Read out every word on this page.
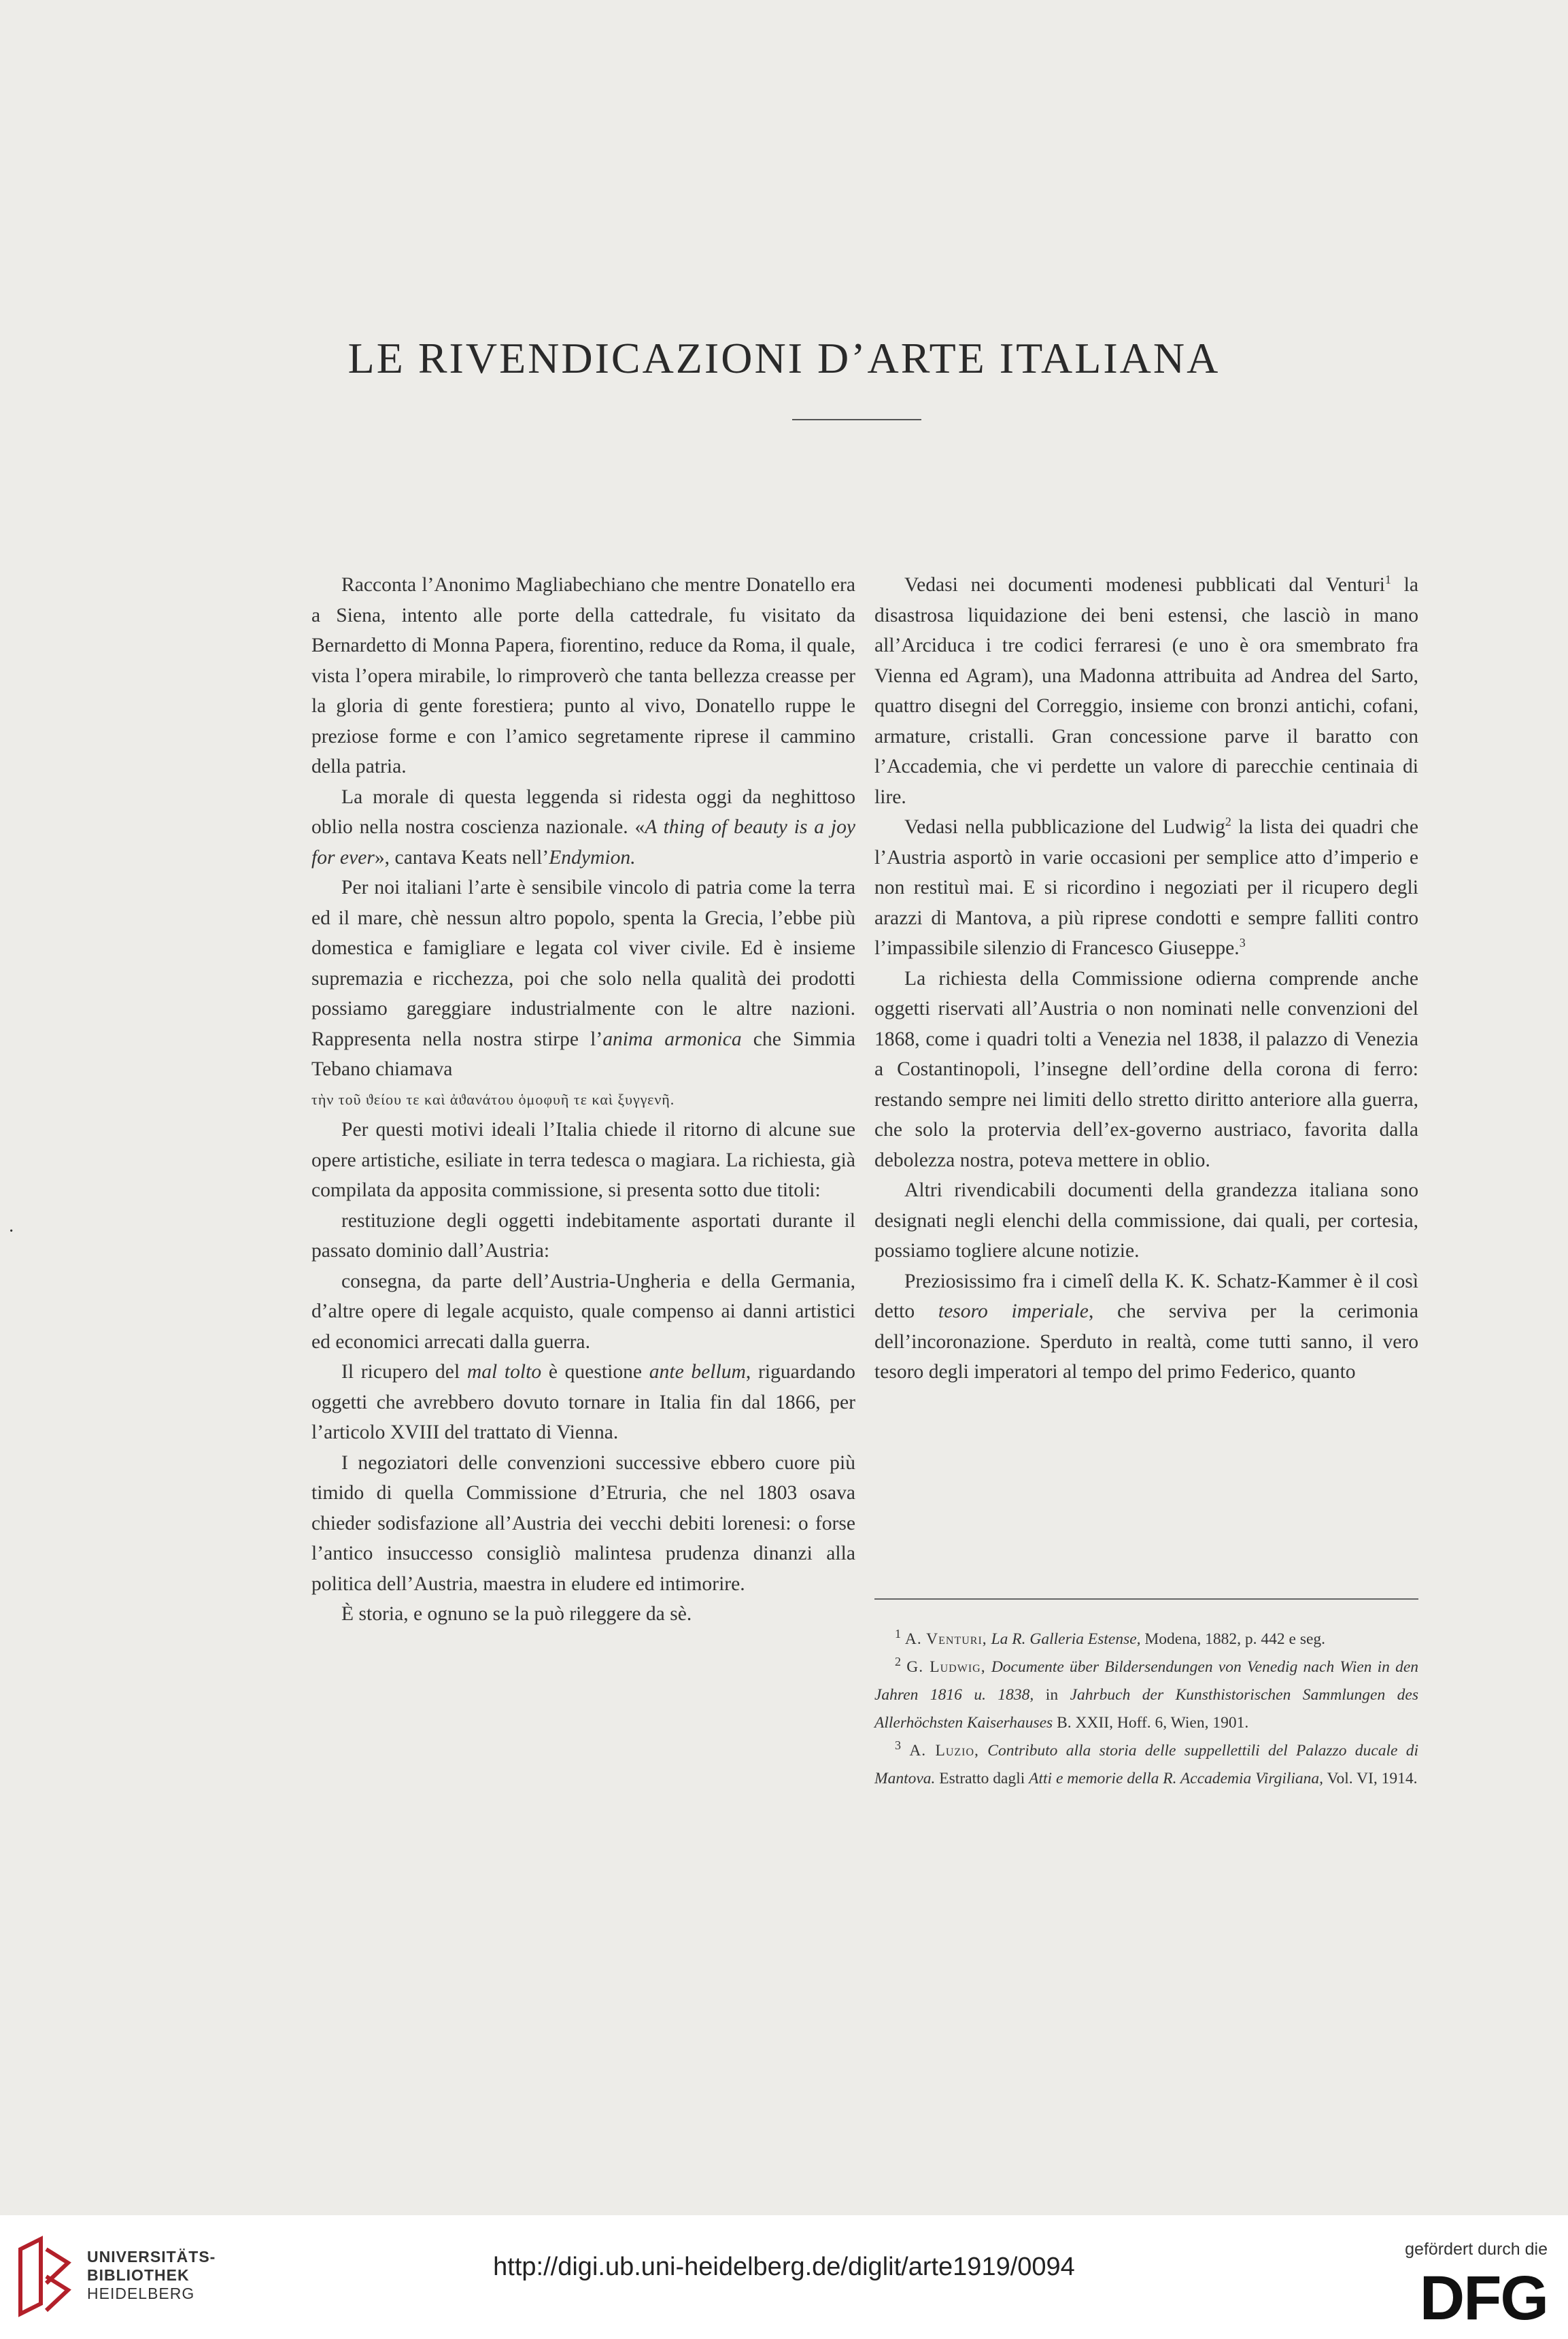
LE RIVENDICAZIONI D’ARTE ITALIANA

Racconta l’Anonimo Magliabechiano che mentre Donatello era a Siena, intento alle porte della cattedrale, fu visitato da Bernardetto di Monna Papera, fiorentino, reduce da Roma, il quale, vista l’opera mirabile, lo rimproverò che tanta bellezza creasse per la gloria di gente forestiera; punto al vivo, Donatello ruppe le preziose forme e con l’amico segretamente riprese il cammino della patria.

La morale di questa leggenda si ridesta oggi da neghittoso oblio nella nostra coscienza nazionale. «A thing of beauty is a joy for ever», cantava Keats nell’Endymion.

Per noi italiani l’arte è sensibile vincolo di patria come la terra ed il mare, chè nessun altro popolo, spenta la Grecia, l’ebbe più domestica e famigliare e legata col viver civile. Ed è insieme supremazia e ricchezza, poi che solo nella qualità dei prodotti possiamo gareggiare industrialmente con le altre nazioni. Rappresenta nella nostra stirpe l’anima armonica che Simmia Tebano chiamava

τὴν τοῦ ϑείου τε καὶ ἀϑανάτου ὁμοφυῆ τε καὶ ξυγγενῆ.

Per questi motivi ideali l’Italia chiede il ritorno di alcune sue opere artistiche, esiliate in terra tedesca o magiara. La richiesta, già compilata da apposita commissione, si presenta sotto due titoli:

restituzione degli oggetti indebitamente asportati durante il passato dominio dall’Austria:

consegna, da parte dell’Austria-Ungheria e della Germania, d’altre opere di legale acquisto, quale compenso ai danni artistici ed economici arrecati dalla guerra.

Il ricupero del mal tolto è questione ante bellum, riguardando oggetti che avrebbero dovuto tornare in Italia fin dal 1866, per l’articolo XVIII del trattato di Vienna.

I negoziatori delle convenzioni successive ebbero cuore più timido di quella Commissione d’Etruria, che nel 1803 osava chieder sodisfazione all’Austria dei vecchi debiti lorenesi: o forse l’antico insuccesso consigliò malintesa prudenza dinanzi alla politica dell’Austria, maestra in eludere ed intimorire.

È storia, e ognuno se la può rileggere da sè.

Vedasi nei documenti modenesi pubblicati dal Venturi$^1$ la disastrosa liquidazione dei beni estensi, che lasciò in mano all’Arciduca i tre codici ferraresi (e uno è ora smembrato fra Vienna ed Agram), una Madonna attribuita ad Andrea del Sarto, quattro disegni del Correggio, insieme con bronzi antichi, cofani, armature, cristalli. Gran concessione parve il baratto con l’Accademia, che vi perdette un valore di parecchie centinaia di lire.

Vedasi nella pubblicazione del Ludwig$^2$ la lista dei quadri che l’Austria asportò in varie occasioni per semplice atto d’imperio e non restituì mai. E si ricordino i negoziati per il ricupero degli arazzi di Mantova, a più riprese condotti e sempre falliti contro l’impassibile silenzio di Francesco Giuseppe.$^3$

La richiesta della Commissione odierna comprende anche oggetti riservati all’Austria o non nominati nelle convenzioni del 1868, come i quadri tolti a Venezia nel 1838, il palazzo di Venezia a Costantinopoli, l’insegne dell’ordine della corona di ferro: restando sempre nei limiti dello stretto diritto anteriore alla guerra, che solo la protervia dell’ex-governo austriaco, favorita dalla debolezza nostra, poteva mettere in oblio.

Altri rivendicabili documenti della grandezza italiana sono designati negli elenchi della commissione, dai quali, per cortesia, possiamo togliere alcune notizie.

Preziosissimo fra i cimelî della K. K. Schatz-Kammer è il così detto tesoro imperiale, che serviva per la cerimonia dell’incoronazione. Sperduto in realtà, come tutti sanno, il vero tesoro degli imperatori al tempo del primo Federico, quanto

$^1$ A. Venturi, La R. Galleria Estense, Modena, 1882, p. 442 e seg.

$^2$ G. Ludwig, Documente über Bildersendungen von Venedig nach Wien in den Jahren 1816 u. 1838, in Jahrbuch der Kunsthistorischen Sammlungen des Allerhöchsten Kaiserhauses B. XXII, Hoff. 6, Wien, 1901.

$^3$ A. Luzio, Contributo alla storia delle suppellettili del Palazzo ducale di Mantova. Estratto dagli Atti e memorie della R. Accademia Virgiliana, Vol. VI, 1914.

·
UNIVERSITÄTS-
BIBLIOTHEK
HEIDELBERG
http://digi.ub.uni-heidelberg.de/diglit/arte1919/0094
gefördert durch die
DFG
